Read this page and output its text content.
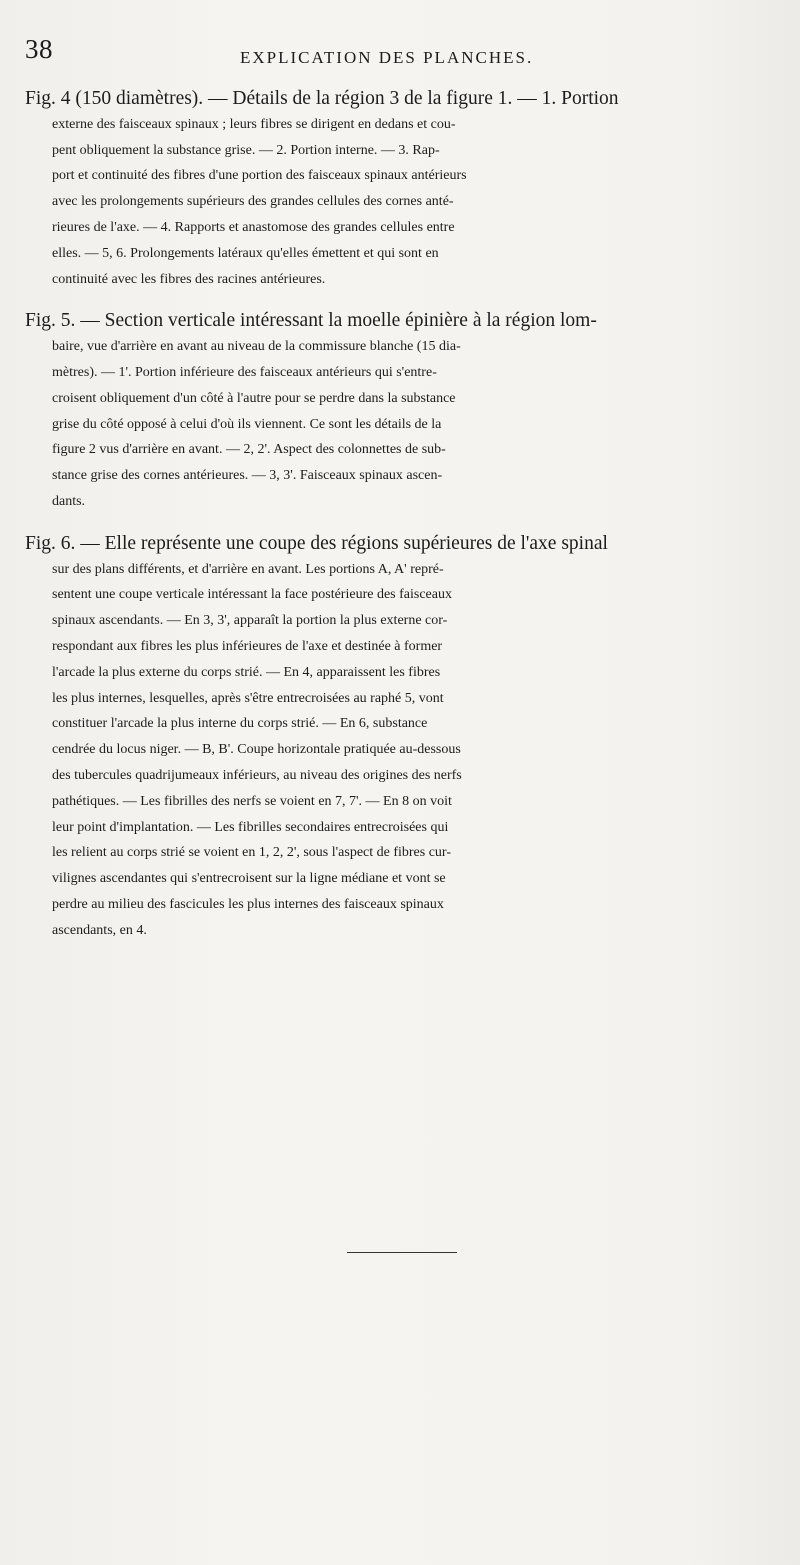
38	EXPLICATION DES PLANCHES.

Fig. 4 (150 diamètres). — Détails de la région 3 de la figure 1. — 1. Portion
externe des faisceaux spinaux ; leurs fibres se dirigent en dedans et cou-
pent obliquement la substance grise. — 2. Portion interne. — 3. Rap-
port et continuité des fibres d'une portion des faisceaux spinaux antérieurs
avec les prolongements supérieurs des grandes cellules des cornes anté-
rieures de l'axe. — 4. Rapports et anastomose des grandes cellules entre
elles. — 5, 6. Prolongements latéraux qu'elles émettent et qui sont en
continuité avec les fibres des racines antérieures.

Fig. 5. — Section verticale intéressant la moelle épinière à la région lom-
baire, vue d'arrière en avant au niveau de la commissure blanche (15 dia-
mètres). — 1'. Portion inférieure des faisceaux antérieurs qui s'entre-
croisent obliquement d'un côté à l'autre pour se perdre dans la substance
grise du côté opposé à celui d'où ils viennent. Ce sont les détails de la
figure 2 vus d'arrière en avant. — 2, 2'. Aspect des colonnettes de sub-
stance grise des cornes antérieures. — 3, 3'. Faisceaux spinaux ascen-
dants.

Fig. 6. — Elle représente une coupe des régions supérieures de l'axe spinal
sur des plans différents, et d'arrière en avant. Les portions A, A' repré-
sentent une coupe verticale intéressant la face postérieure des faisceaux
spinaux ascendants. — En 3, 3', apparaît la portion la plus externe cor-
respondant aux fibres les plus inférieures de l'axe et destinée à former
l'arcade la plus externe du corps strié. — En 4, apparaissent les fibres
les plus internes, lesquelles, après s'être entrecroisées au raphé 5, vont
constituer l'arcade la plus interne du corps strié. — En 6, substance
cendrée du locus niger. — B, B'. Coupe horizontale pratiquée au-dessous
des tubercules quadrijumeaux inférieurs, au niveau des origines des nerfs
pathétiques. — Les fibrilles des nerfs se voient en 7, 7'. — En 8 on voit
leur point d'implantation. — Les fibrilles secondaires entrecroisées qui
les relient au corps strié se voient en 1, 2, 2', sous l'aspect de fibres cur-
vilignes ascendantes qui s'entrecroisent sur la ligne médiane et vont se
perdre au milieu des fascicules les plus internes des faisceaux spinaux
ascendants, en 4.
